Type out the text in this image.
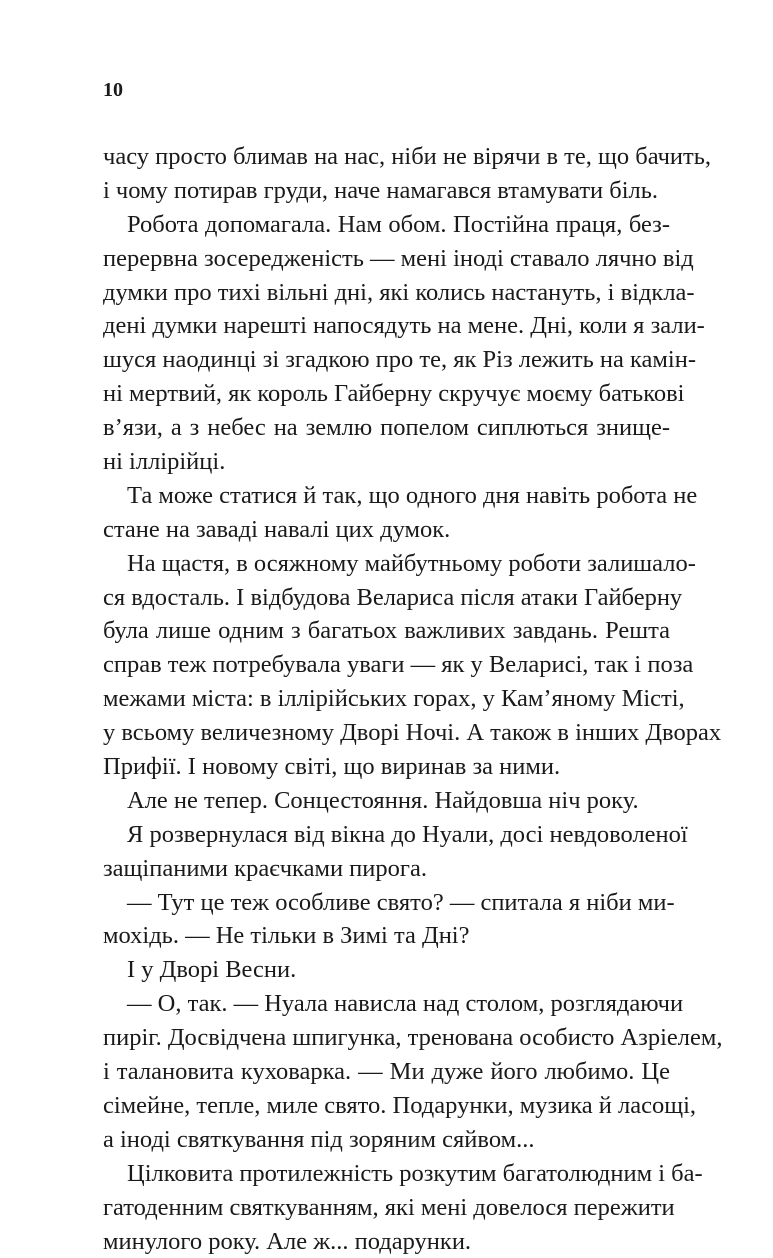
10
часу просто блимав на нас, ніби не вірячи в те, що бачить,
і чому потирав груди, наче намагався втамувати біль.
Робота допомагала. Нам обом. Постійна праця, без-
перервна зосередженість — мені іноді ставало лячно від
думки про тихі вільні дні, які колись настануть, і відкла-
дені думки нарешті напосядуть на мене. Дні, коли я зали-
шуся наодинці зі згадкою про те, як Різ лежить на камін-
ні мертвий, як король Гайберну скручує моєму батькові
в’язи, а з небес на землю попелом сиплються знище-
ні іллірійці.
Та може статися й так, що одного дня навіть робота не
стане на заваді навалі цих думок.
На щастя, в осяжному майбутньому роботи залишало-
ся вдосталь. І відбудова Велариса після атаки Гайберну
була лише одним з багатьох важливих завдань. Решта
справ теж потребувала уваги — як у Веларисі, так і поза
межами міста: в іллірійських горах, у Кам’яному Місті,
у всьому величезному Дворі Ночі. А також в інших Дворах
Прифії. І новому світі, що виринав за ними.
Але не тепер. Сонцестояння. Найдовша ніч року.
Я розвернулася від вікна до Нуали, досі невдоволеної
защіпаними краєчками пирога.
— Тут це теж особливе свято? — спитала я ніби ми-
мохідь. — Не тільки в Зимі та Дні?
І у Дворі Весни.
— О, так. — Нуала нависла над столом, розглядаючи
пиріг. Досвідчена шпигунка, тренована особисто Азріелем,
і талановита куховарка. — Ми дуже його любимо. Це
сімейне, тепле, миле свято. Подарунки, музика й ласощі,
а іноді святкування під зоряним сяйвом...
Цілковита протилежність розкутим багатолюдним і ба-
гатоденним святкуванням, які мені довелося пережити
минулого року. Але ж... подарунки.
